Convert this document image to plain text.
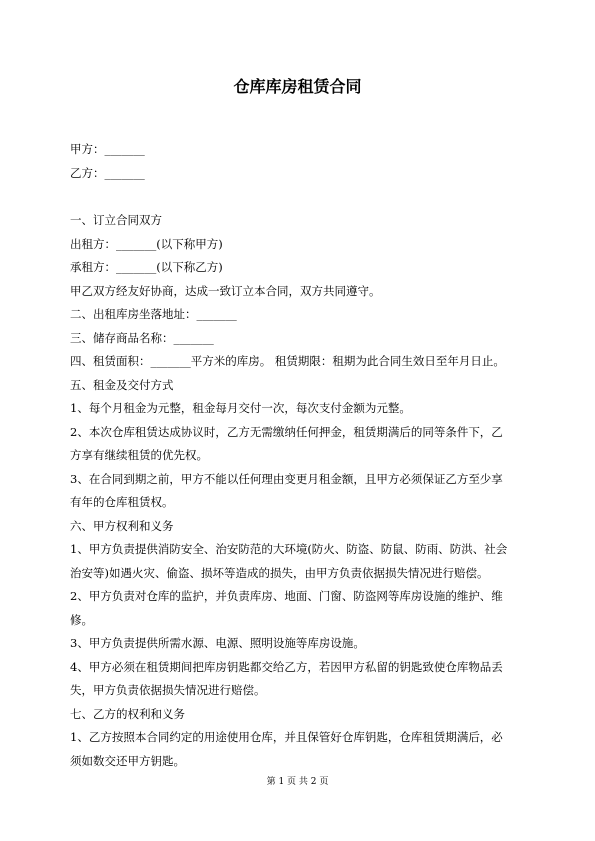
仓库库房租赁合同
甲方：_______
乙方：_______
一、订立合同双方
出租方：_______(以下称甲方)
承租方：_______(以下称乙方)
甲乙双方经友好协商，达成一致订立本合同，双方共同遵守。
二、出租库房坐落地址：_______
三、储存商品名称：_______
四、租赁面积：_______平方米的库房。 租赁期限：租期为此合同生效日至年月日止。
五、租金及交付方式
1、每个月租金为元整，租金每月交付一次，每次支付金额为元整。
2、本次仓库租赁达成协议时，乙方无需缴纳任何押金，租赁期满后的同等条件下，乙
方享有继续租赁的优先权。
3、在合同到期之前，甲方不能以任何理由变更月租金额，且甲方必须保证乙方至少享
有年的仓库租赁权。
六、甲方权利和义务
1、甲方负责提供消防安全、治安防范的大环境(防火、防盗、防鼠、防雨、防洪、社会
治安等)如遇火灾、偷盗、损坏等造成的损失，由甲方负责依据损失情况进行赔偿。
2、甲方负责对仓库的监护，并负责库房、地面、门窗、防盗网等库房设施的维护、维
修。
3、甲方负责提供所需水源、电源、照明设施等库房设施。
4、甲方必须在租赁期间把库房钥匙都交给乙方，若因甲方私留的钥匙致使仓库物品丢
失，甲方负责依据损失情况进行赔偿。
七、乙方的权利和义务
1、乙方按照本合同约定的用途使用仓库，并且保管好仓库钥匙，仓库租赁期满后，必
须如数交还甲方钥匙。
第 1 页 共 2 页
